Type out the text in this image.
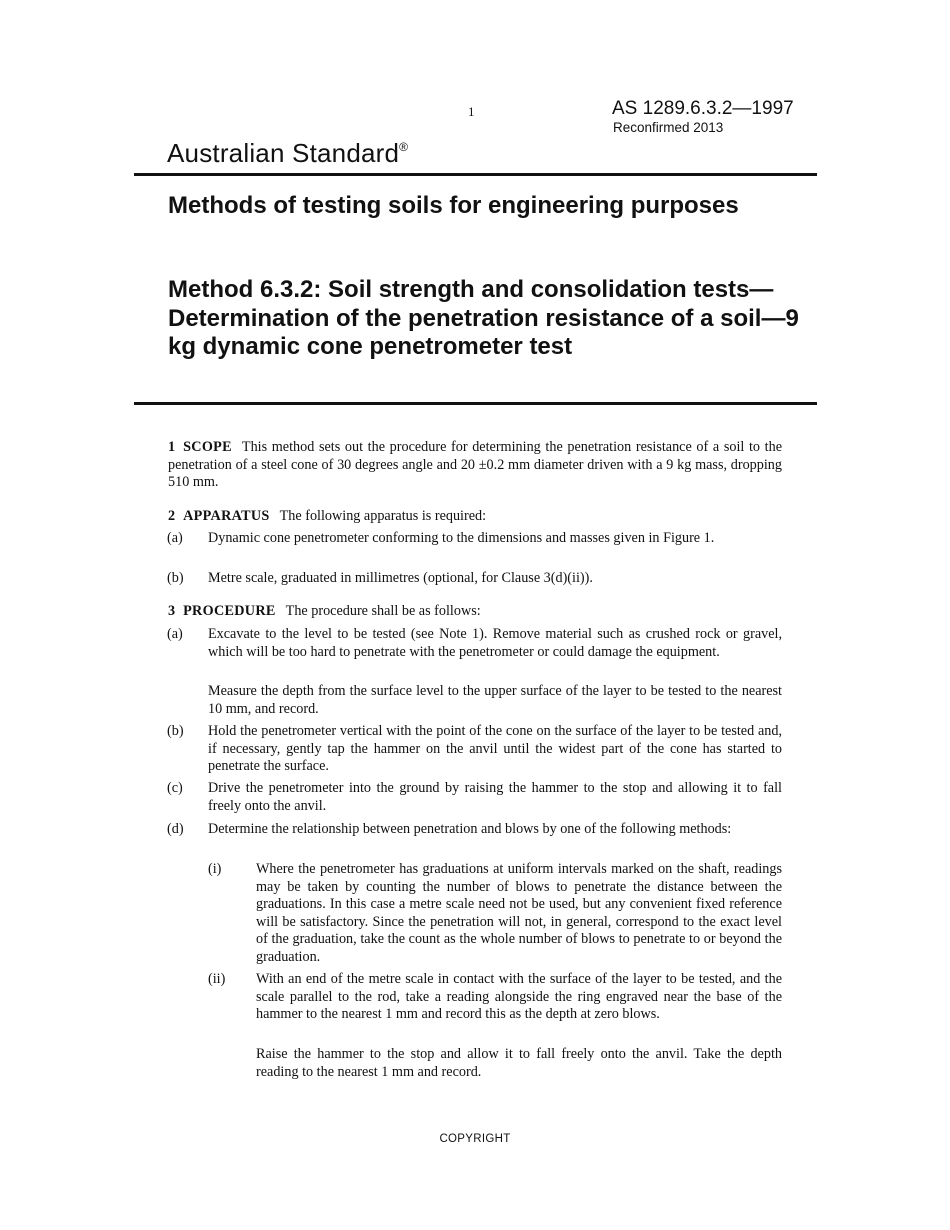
1	AS 1289.6.3.2—1997
Reconfirmed 2013
Australian Standard®
Methods of testing soils for engineering purposes
Method 6.3.2: Soil strength and consolidation tests—Determination of the penetration resistance of a soil—9 kg dynamic cone penetrometer test

1 SCOPE This method sets out the procedure for determining the penetration resistance of a soil to the penetration of a steel cone of 30 degrees angle and 20 ±0.2 mm diameter driven with a 9 kg mass, dropping 510 mm.

2 APPARATUS The following apparatus is required:

(a) Dynamic cone penetrometer conforming to the dimensions and masses given in Figure 1.

(b) Metre scale, graduated in millimetres (optional, for Clause 3(d)(ii)).

3 PROCEDURE The procedure shall be as follows:

(a) Excavate to the level to be tested (see Note 1). Remove material such as crushed rock or gravel, which will be too hard to penetrate with the penetrometer or could damage the equipment.

Measure the depth from the surface level to the upper surface of the layer to be tested to the nearest 10 mm, and record.

(b) Hold the penetrometer vertical with the point of the cone on the surface of the layer to be tested and, if necessary, gently tap the hammer on the anvil until the widest part of the cone has started to penetrate the surface.

(c) Drive the penetrometer into the ground by raising the hammer to the stop and allowing it to fall freely onto the anvil.

(d) Determine the relationship between penetration and blows by one of the following methods:

(i) Where the penetrometer has graduations at uniform intervals marked on the shaft, readings may be taken by counting the number of blows to penetrate the distance between the graduations. In this case a metre scale need not be used, but any convenient fixed reference will be satisfactory. Since the penetration will not, in general, correspond to the exact level of the graduation, take the count as the whole number of blows to penetrate to or beyond the graduation.

(ii) With an end of the metre scale in contact with the surface of the layer to be tested, and the scale parallel to the rod, take a reading alongside the ring engraved near the base of the hammer to the nearest 1 mm and record this as the depth at zero blows.

Raise the hammer to the stop and allow it to fall freely onto the anvil. Take the depth reading to the nearest 1 mm and record.

COPYRIGHT
